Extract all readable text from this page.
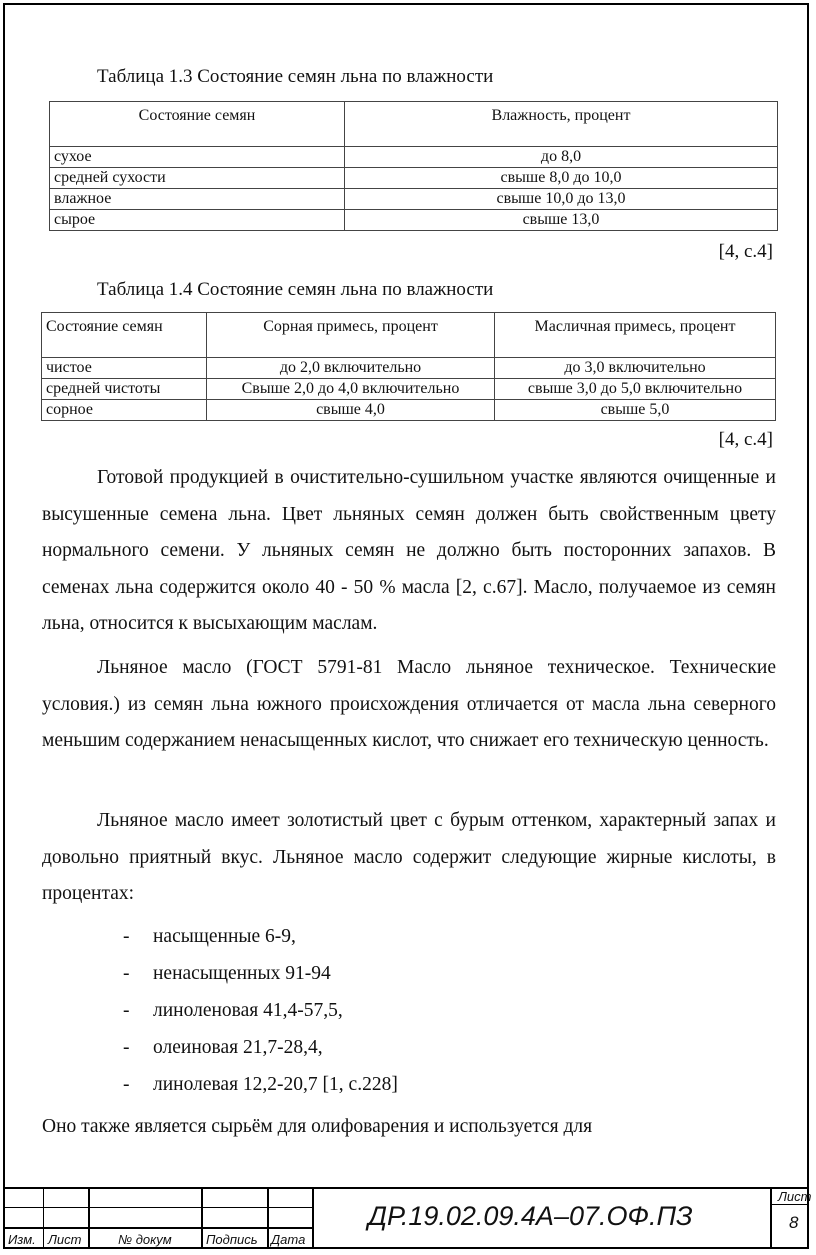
Таблица 1.3 Состояние семян льна по влажности
Состояние семян	Влажность, процент
сухое	до 8,0
средней сухости	свыше 8,0 до 10,0
влажное	свыше 10,0 до 13,0
сырое	свыше 13,0
[4, с.4]
Таблица 1.4 Состояние семян льна по влажности
Состояние семян	Сорная примесь, процент	Масличная примесь, процент
чистое	до 2,0 включительно	до 3,0 включительно
средней чистоты	Свыше 2,0 до 4,0 включительно	свыше 3,0 до 5,0 включительно
сорное	свыше 4,0	свыше 5,0
[4, с.4]

Готовой продукцией в очистительно-сушильном участке являются очищенные и высушенные семена льна. Цвет льняных семян должен быть свойственным цвету нормального семени. У льняных семян не должно быть посторонних запахов. В семенах льна содержится около 40 - 50 % масла [2, с.67]. Масло, получаемое из семян льна, относится к высыхающим маслам.

Льняное масло (ГОСТ 5791-81 Масло льняное техническое. Технические условия.) из семян льна южного происхождения отличается от масла льна северного меньшим содержанием ненасыщенных кислот, что снижает его техническую ценность.

Льняное масло имеет золотистый цвет с бурым оттенком, характерный запах и довольно приятный вкус. Льняное масло содержит следующие жирные кислоты, в процентах:

- насыщенные 6-9,
- ненасыщенных 91-94
- линоленовая 41,4-57,5,
- олеиновая 21,7-28,4,
- линолевая 12,2-20,7 [1, с.228]
Оно также является сырьём для олифоварения и используется для
Изм. Лист	№ докум	Подпись Дата
ДР.19.02.09.4А–07.ОФ.ПЗ
Лист
8
